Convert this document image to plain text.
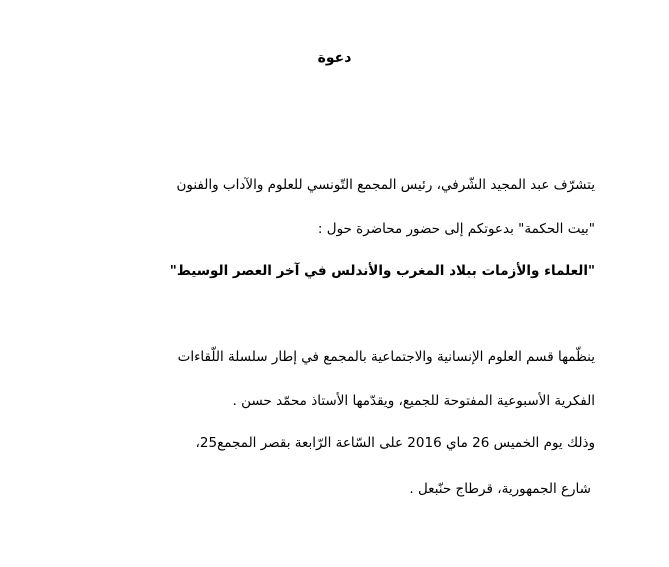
دعوة
يتشرّف عبد المجيد الشّرفي، رئيس المجمع التّونسي للعلوم والآداب والفنون
"بيت الحكمة" بدعوتكم إلى حضور محاضرة حول :
"العلماء والأزمات ببلاد المغرب والأندلس في آخر العصر الوسيط"
ينظّمها قسم العلوم الإنسانية والاجتماعية بالمجمع في إطار سلسلة اللّقاءات
الفكرية الأسبوعية المفتوحة للجميع، ويقدّمها الأستاذ محمّد حسن .
وذلك يوم الخميس 26 ماي 2016 على السّاعة الرّابعة بقصر المجمع25،
شارع الجمهورية، قرطاج حنّبعل .
